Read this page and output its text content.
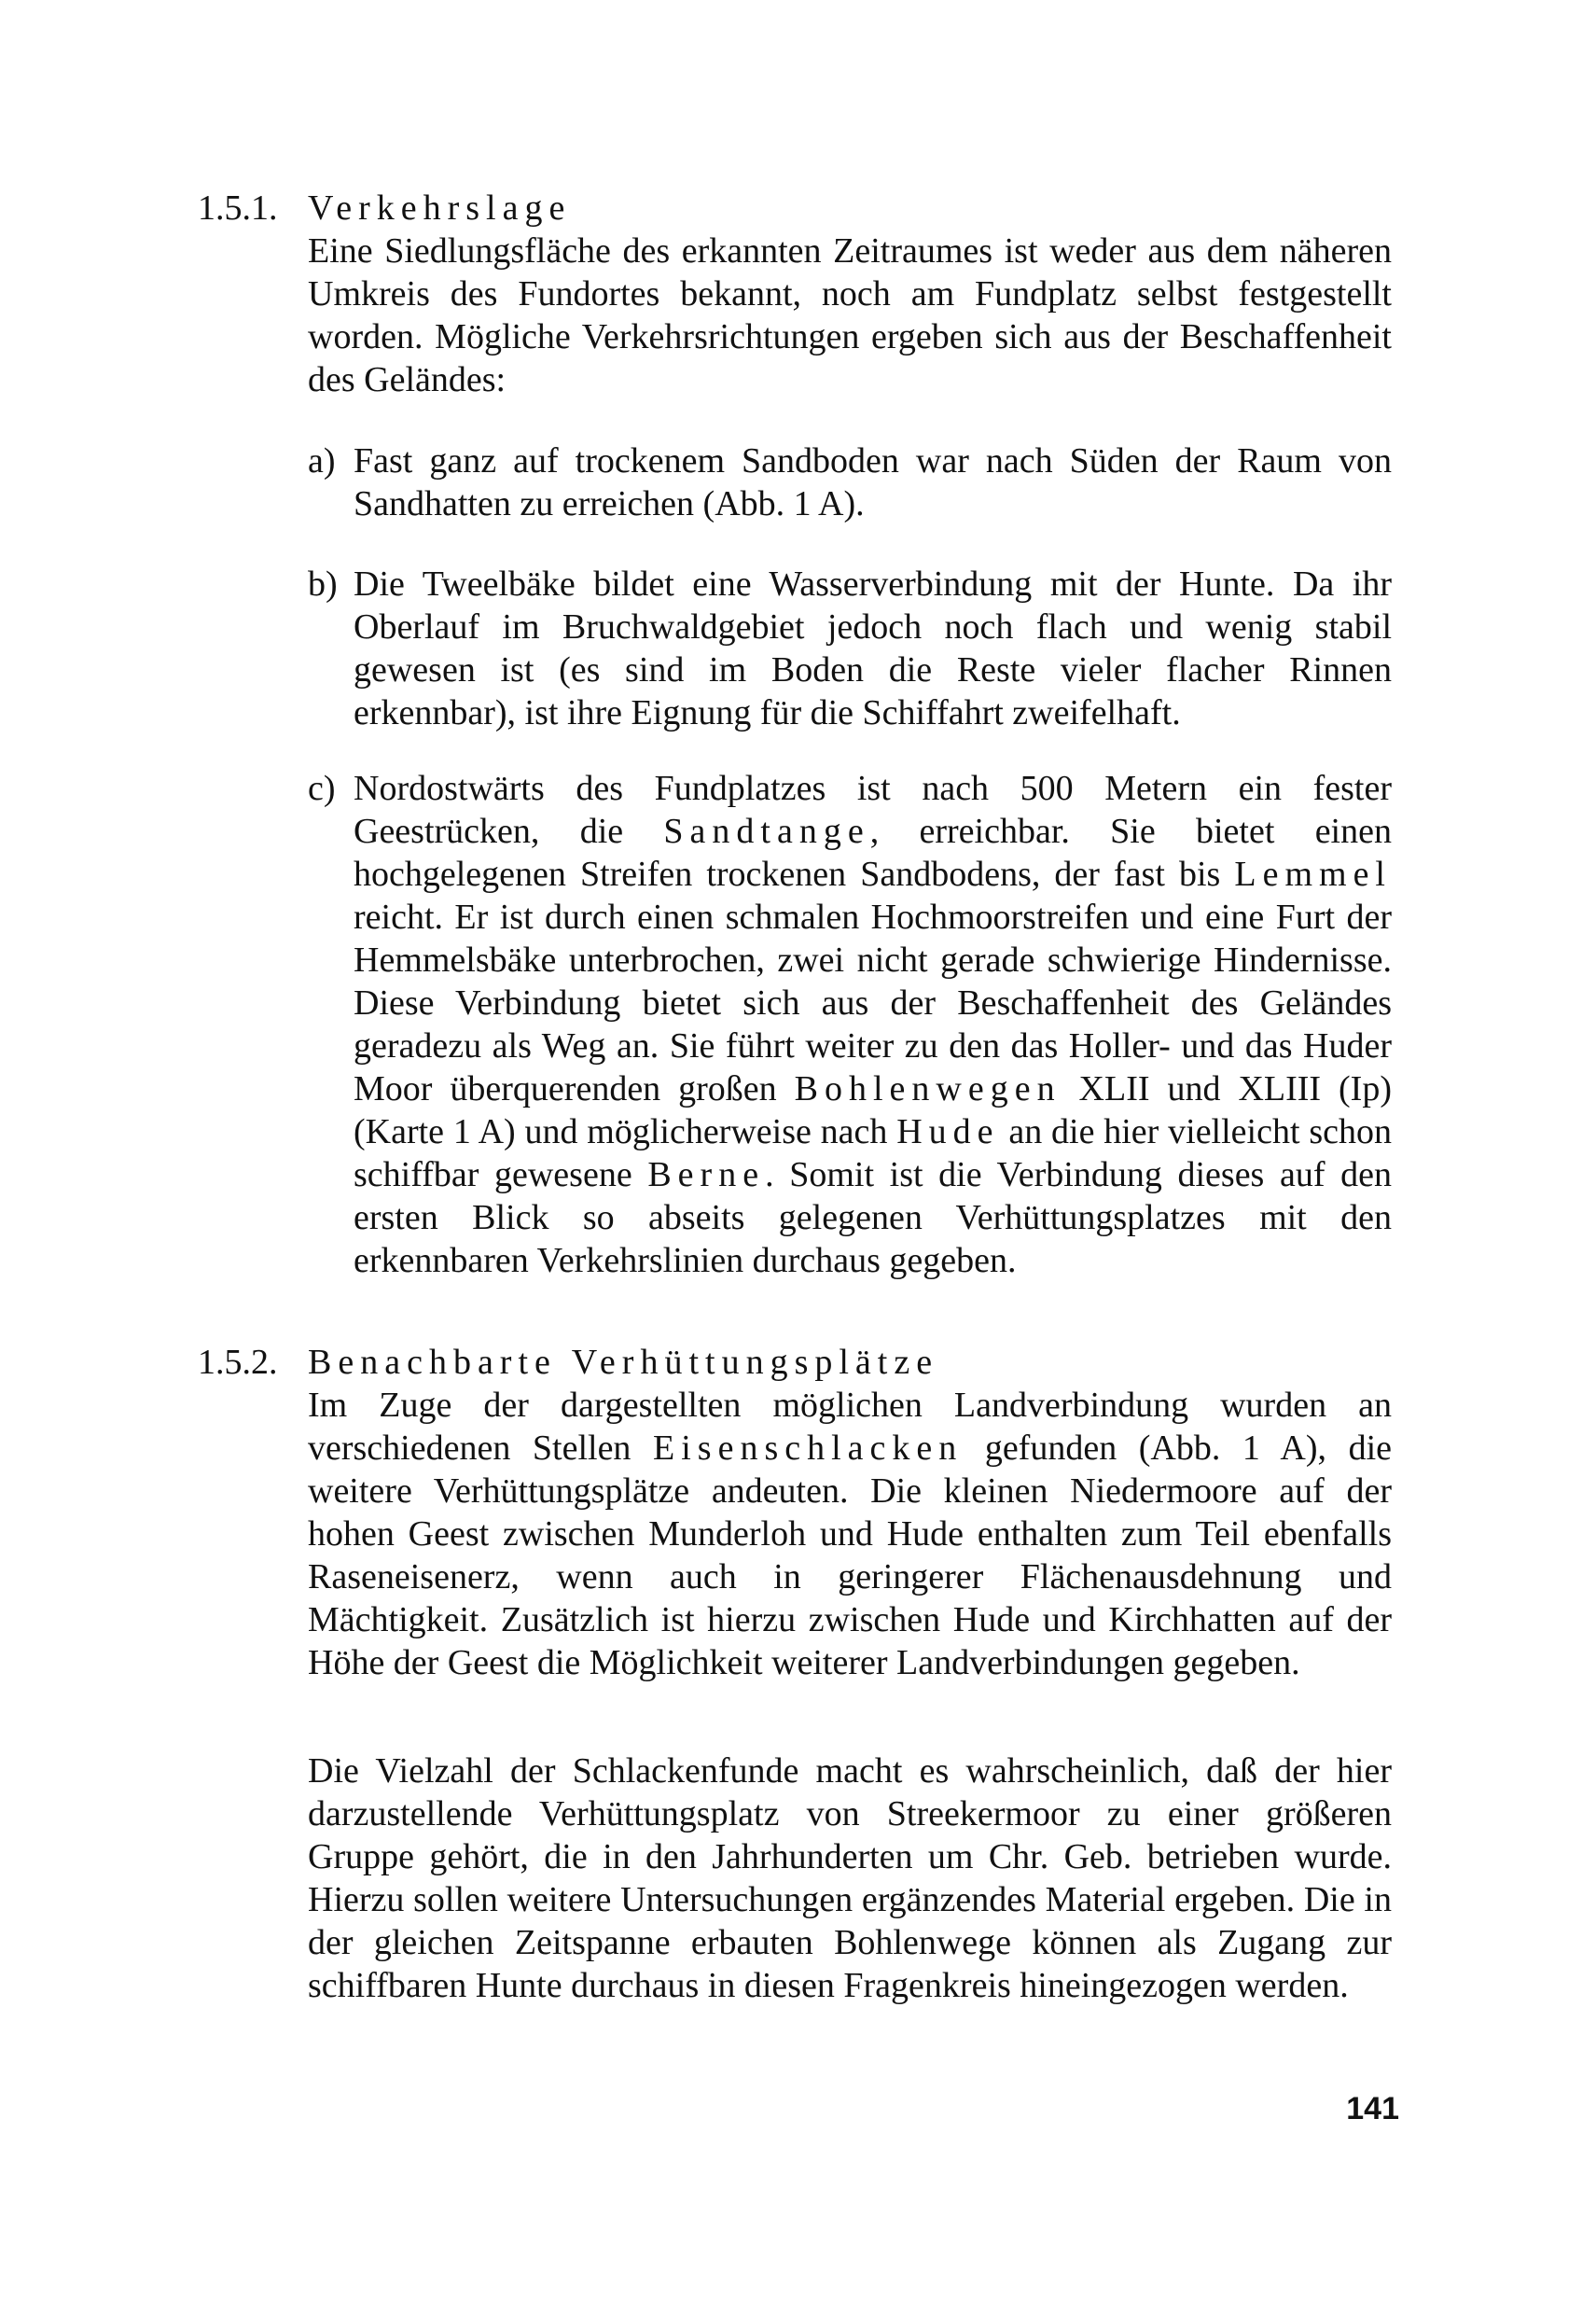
1.5.1. Verkehrslage

Eine Siedlungsfläche des erkannten Zeitraumes ist weder aus dem näheren Umkreis des Fundortes bekannt, noch am Fundplatz selbst festgestellt worden. Mögliche Verkehrsrichtungen ergeben sich aus der Beschaffenheit des Geländes:

a) Fast ganz auf trockenem Sandboden war nach Süden der Raum von Sandhatten zu erreichen (Abb. 1 A).

b) Die Tweelbäke bildet eine Wasserverbindung mit der Hunte. Da ihr Oberlauf im Bruchwaldgebiet jedoch noch flach und wenig stabil gewesen ist (es sind im Boden die Reste vieler flacher Rinnen erkennbar), ist ihre Eignung für die Schiffahrt zweifelhaft.

c) Nordostwärts des Fundplatzes ist nach 500 Metern ein fester Geestrücken, die Sandtange, erreichbar. Sie bietet einen hochgelegenen Streifen trockenen Sandbodens, der fast bis Lemmel reicht. Er ist durch einen schmalen Hochmoorstreifen und eine Furt der Hemmelsbäke unterbrochen, zwei nicht gerade schwierige Hindernisse. Diese Verbindung bietet sich aus der Beschaffenheit des Geländes geradezu als Weg an. Sie führt weiter zu den das Holler- und das Huder Moor überquerenden großen Bohlenwegen XLII und XLIII (Ip) (Karte 1 A) und möglicherweise nach Hude an die hier vielleicht schon schiffbar gewesene Berne. Somit ist die Verbindung dieses auf den ersten Blick so abseits gelegenen Verhüttungsplatzes mit den erkennbaren Verkehrslinien durchaus gegeben.

1.5.2. Benachbarte Verhüttungsplätze

Im Zuge der dargestellten möglichen Landverbindung wurden an verschiedenen Stellen Eisenschlacken gefunden (Abb. 1 A), die weitere Verhüttungsplätze andeuten. Die kleinen Niedermoore auf der hohen Geest zwischen Munderloh und Hude enthalten zum Teil ebenfalls Raseneisenerz, wenn auch in geringerer Flächenausdehnung und Mächtigkeit. Zusätzlich ist hierzu zwischen Hude und Kirchhatten auf der Höhe der Geest die Möglichkeit weiterer Landverbindungen gegeben.

Die Vielzahl der Schlackenfunde macht es wahrscheinlich, daß der hier darzustellende Verhüttungsplatz von Streekermoor zu einer größeren Gruppe gehört, die in den Jahrhunderten um Chr. Geb. betrieben wurde. Hierzu sollen weitere Untersuchungen ergänzendes Material ergeben. Die in der gleichen Zeitspanne erbauten Bohlenwege können als Zugang zur schiffbaren Hunte durchaus in diesen Fragenkreis hineingezogen werden.

141
